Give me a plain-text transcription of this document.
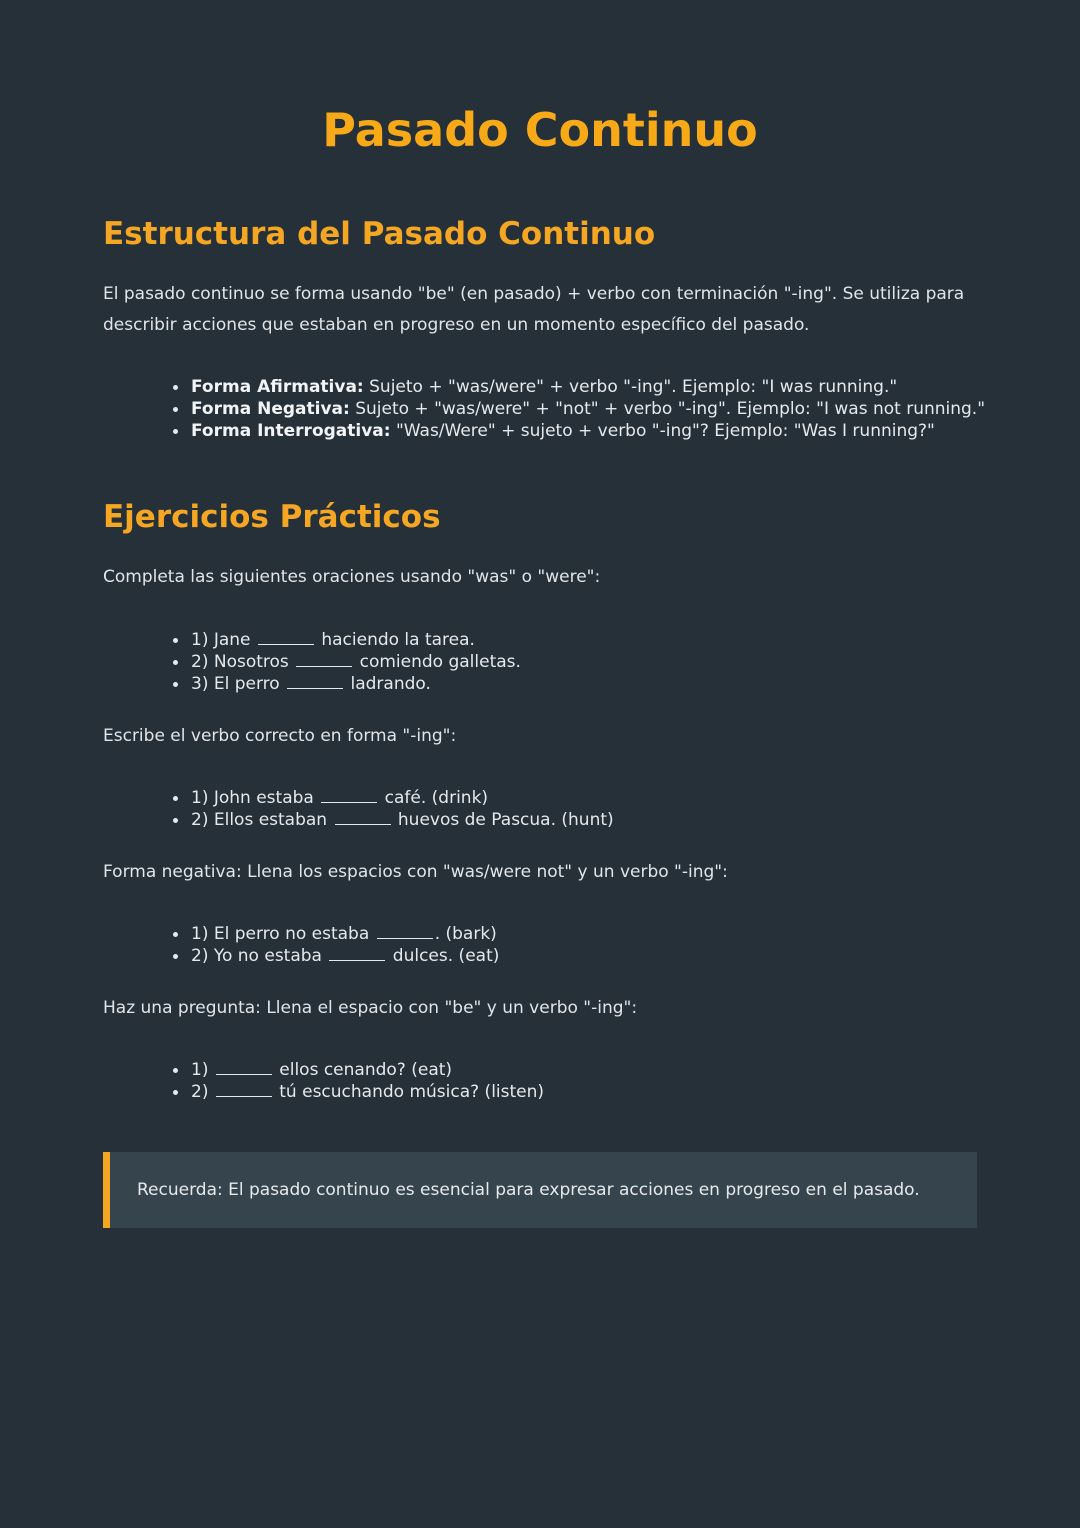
Pasado Continuo
Estructura del Pasado Continuo

El pasado continuo se forma usando "be" (en pasado) + verbo con terminación "-ing". Se utiliza para describir acciones que estaban en progreso en un momento específico del pasado.

Forma Afirmativa: Sujeto + "was/were" + verbo "-ing". Ejemplo: "I was running."
Forma Negativa: Sujeto + "was/were" + "not" + verbo "-ing". Ejemplo: "I was not running."
Forma Interrogativa: "Was/Were" + sujeto + verbo "-ing"? Ejemplo: "Was I running?"
Ejercicios Prácticos

Completa las siguientes oraciones usando "was" o "were":

1) Jane	haciendo la tarea.
2) Nosotros	comiendo galletas.
3) El perro	ladrando.

Escribe el verbo correcto en forma "-ing":

1) John estaba	café. (drink)
2) Ellos estaban	huevos de Pascua. (hunt)

Forma negativa: Llena los espacios con "was/were not" y un verbo "-ing":

1) El perro no estaba	. (bark)
2) Yo no estaba	dulces. (eat)

Haz una pregunta: Llena el espacio con "be" y un verbo "-ing":

1)	ellos cenando? (eat)
2)	tú escuchando música? (listen)
Recuerda: El pasado continuo es esencial para expresar acciones en progreso en el pasado.
